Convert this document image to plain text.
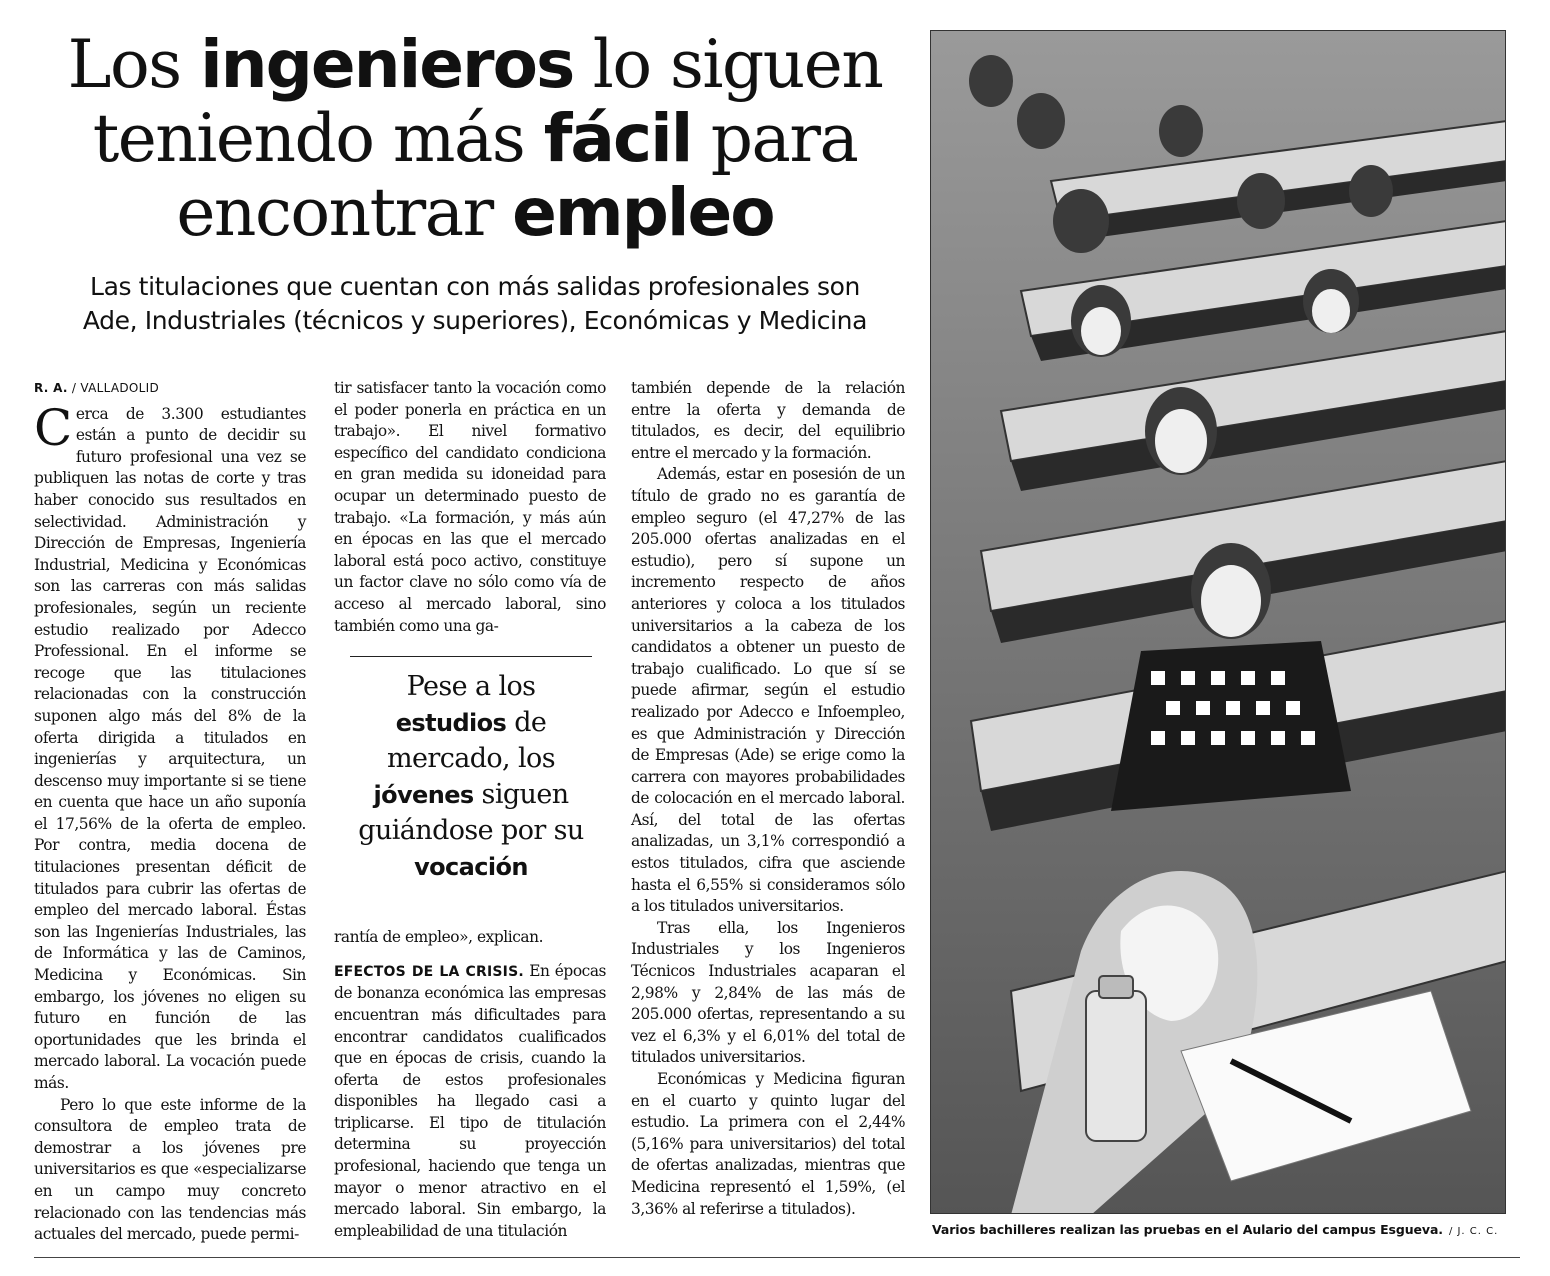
Los ingenieros lo siguen
teniendo más fácil para
encontrar empleo
Las titulaciones que cuentan con más salidas profesionales son
Ade, Industriales (técnicos y superiores), Económicas y Medicina
R. A. / VALLADOLID

Cerca de 3.300 estudiantes están a punto de decidir su futuro profesional una vez se publiquen las notas de corte y tras haber conocido sus resultados en selectividad. Administración y Dirección de Empresas, Ingeniería Industrial, Medicina y Económicas son las carreras con más salidas profesionales, según un reciente estudio realizado por Adecco Professional. En el informe se recoge que las titulaciones relacionadas con la construcción suponen algo más del 8% de la oferta dirigida a titulados en ingenierías y arquitectura, un descenso muy importante si se tiene en cuenta que hace un año suponía el 17,56% de la oferta de empleo. Por contra, media docena de titulaciones presentan déficit de titulados para cubrir las ofertas de empleo del mercado laboral. Éstas son las Ingenierías Industriales, las de Informática y las de Caminos, Medicina y Económicas. Sin embargo, los jóvenes no eligen su futuro en función de las oportunidades que les brinda el mercado laboral. La vocación puede más.

Pero lo que este informe de la consultora de empleo trata de demostrar a los jóvenes pre universitarios es que «especializarse en un campo muy concreto relacionado con las tendencias más actuales del mercado, puede permi-

tir satisfacer tanto la vocación como el poder ponerla en práctica en un trabajo». El nivel formativo específico del candidato condiciona en gran medida su idoneidad para ocupar un determinado puesto de trabajo. «La formación, y más aún en épocas en las que el mercado laboral está poco activo, constituye un factor clave no sólo como vía de acceso al mercado laboral, sino también como una ga-

rantía de empleo», explican.

EFECTOS DE LA CRISIS. En épocas de bonanza económica las empresas encuentran más dificultades para encontrar candidatos cualificados que en épocas de crisis, cuando la oferta de estos profesionales disponibles ha llegado casi a triplicarse. El tipo de titulación determina su proyección profesional, haciendo que tenga un mayor o menor atractivo en el mercado laboral. Sin embargo, la empleabilidad de una titulación

Pese a los estudios de mercado, los jóvenes siguen guiándose por su vocación

también depende de la relación entre la oferta y demanda de titulados, es decir, del equilibrio entre el mercado y la formación.

Además, estar en posesión de un título de grado no es garantía de empleo seguro (el 47,27% de las 205.000 ofertas analizadas en el estudio), pero sí supone un incremento respecto de años anteriores y coloca a los titulados universitarios a la cabeza de los candidatos a obtener un puesto de trabajo cualificado. Lo que sí se puede afirmar, según el estudio realizado por Adecco e Infoempleo, es que Administración y Dirección de Empresas (Ade) se erige como la carrera con mayores probabilidades de colocación en el mercado laboral. Así, del total de las ofertas analizadas, un 3,1% correspondió a estos titulados, cifra que asciende hasta el 6,55% si consideramos sólo a los titulados universitarios.

Tras ella, los Ingenieros Industriales y los Ingenieros Técnicos Industriales acaparan el 2,98% y 2,84% de las más de 205.000 ofertas, representando a su vez el 6,3% y el 6,01% del total de titulados universitarios.

Económicas y Medicina figuran en el cuarto y quinto lugar del estudio. La primera con el 2,44% (5,16% para universitarios) del total de ofertas analizadas, mientras que Medicina representó el 1,59%, (el 3,36% al referirse a titulados).

Varios bachilleres realizan las pruebas en el Aulario del campus Esgueva. / J. C. C.
